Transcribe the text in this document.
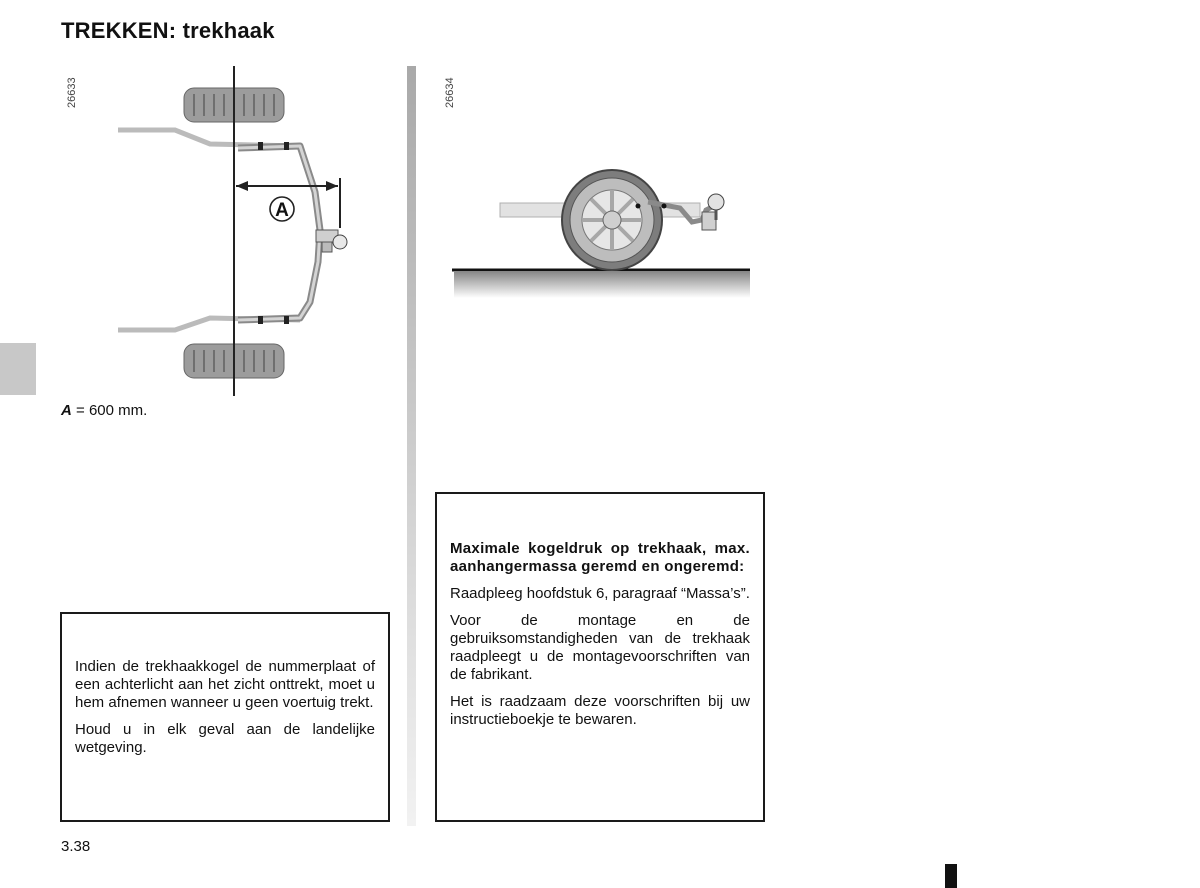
TREKKEN: trekhaak
26633
A
A = 600 mm.
26634

Indien de trekhaakkogel de nummerplaat of een achterlicht aan het zicht onttrekt, moet u hem afnemen wanneer u geen voertuig trekt.

Houd u in elk geval aan de landelijke wetgeving.

Maximale kogeldruk op trekhaak, max. aanhangermassa geremd en ongeremd:

Raadpleeg hoofdstuk 6, paragraaf “Massa’s”.

Voor de montage en de gebruiksomstandigheden van de trekhaak raadpleegt u de montagevoorschriften van de fabrikant.

Het is raadzaam deze voorschriften bij uw instructieboekje te bewaren.

3.38
